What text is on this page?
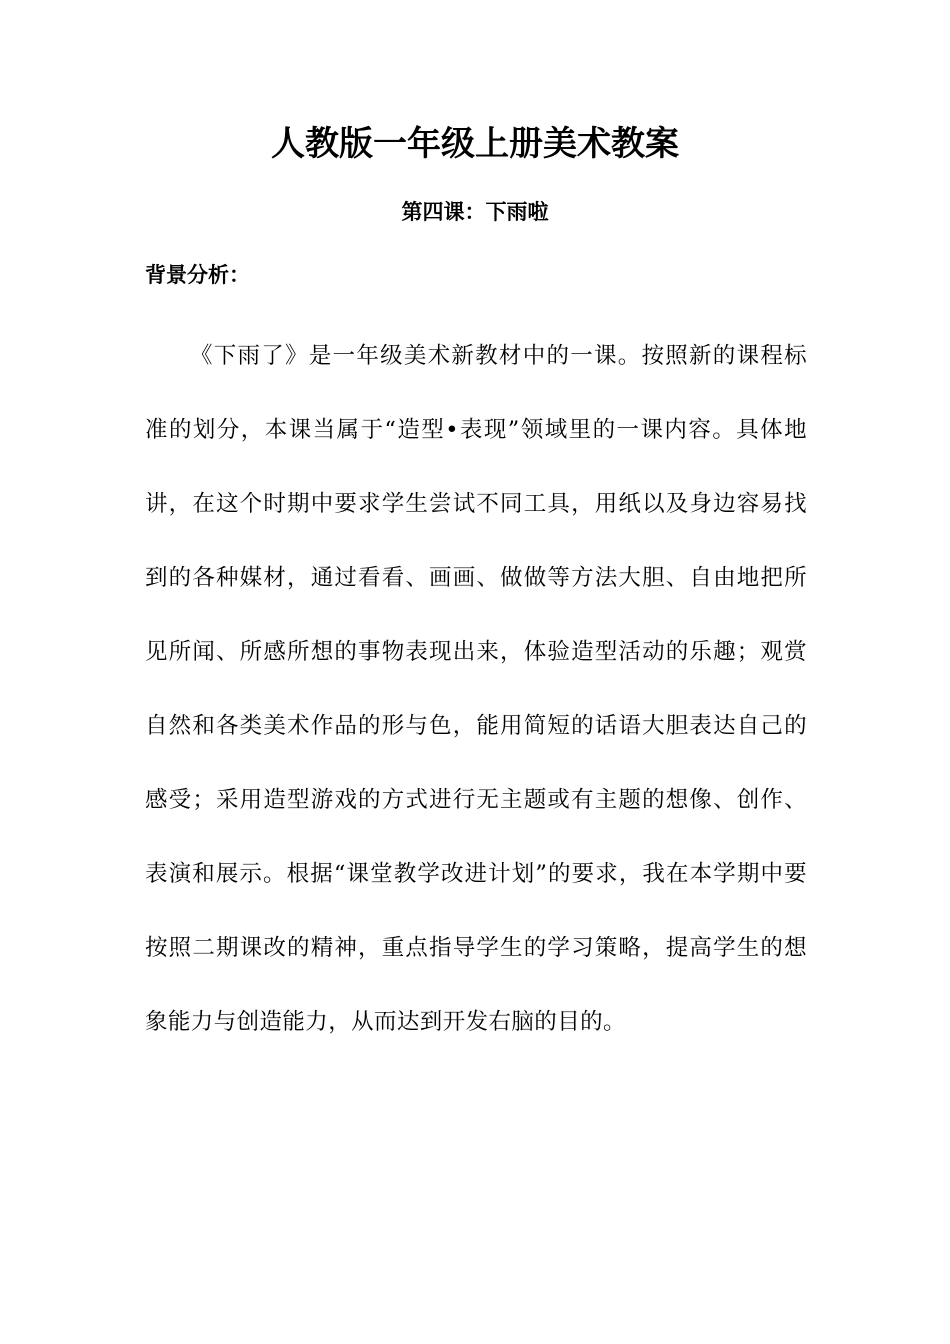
人教版一年级上册美术教案
第四课：下雨啦
背景分析：

《下雨了》是一年级美术新教材中的一课。按照新的课程标准的划分，本课当属于“造型•表现”领域里的一课内容。具体地讲，在这个时期中要求学生尝试不同工具，用纸以及身边容易找到的各种媒材，通过看看、画画、做做等方法大胆、自由地把所见所闻、所感所想的事物表现出来，体验造型活动的乐趣；观赏自然和各类美术作品的形与色，能用简短的话语大胆表达自己的感受；采用造型游戏的方式进行无主题或有主题的想像、创作、表演和展示。根据“课堂教学改进计划”的要求，我在本学期中要按照二期课改的精神，重点指导学生的学习策略，提高学生的想象能力与创造能力，从而达到开发右脑的目的。
